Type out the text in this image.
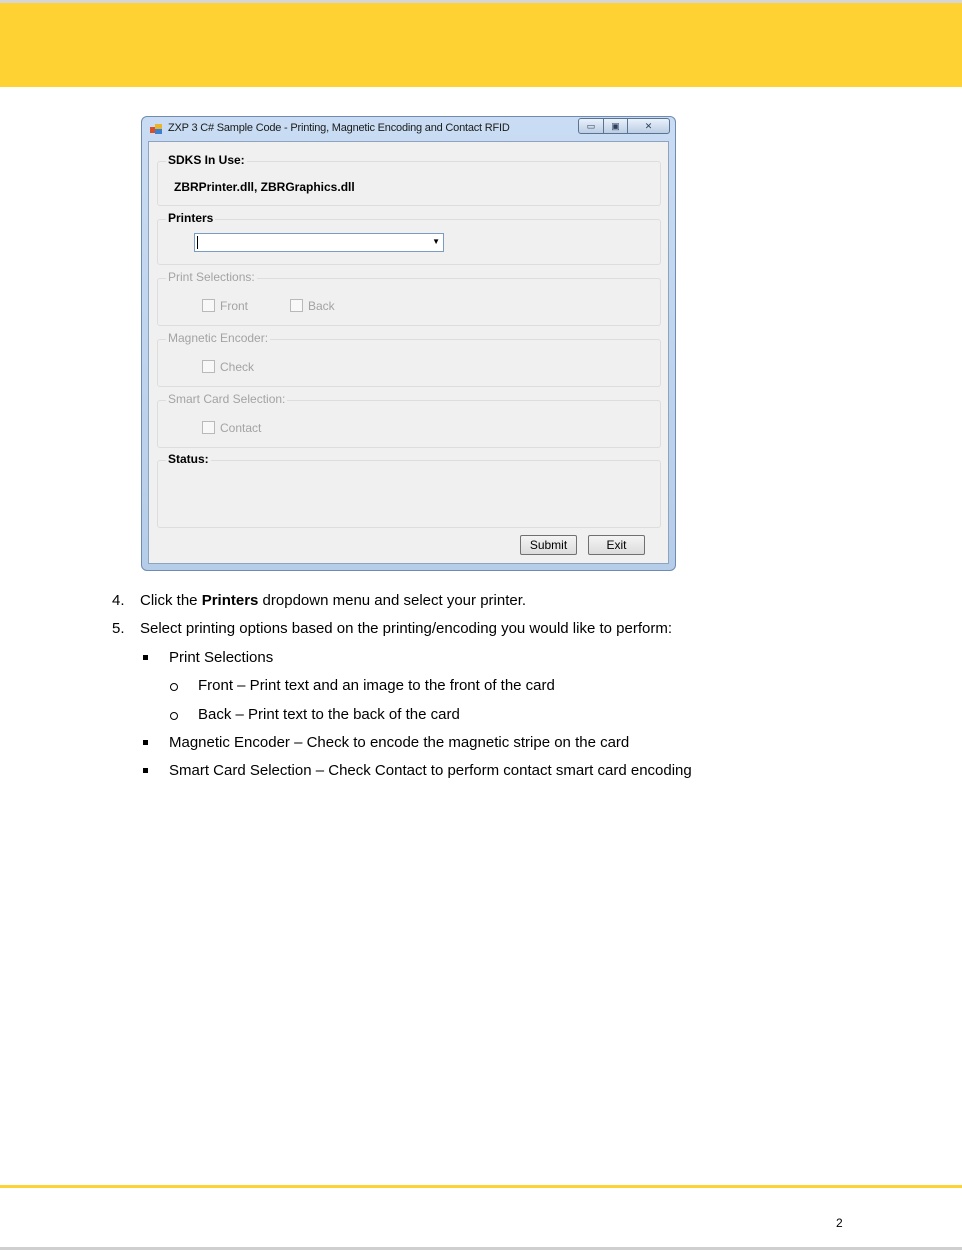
ZXP 3 C# Sample Code - Printing, Magnetic Encoding and Contact RFID	▭	▣	✕
SDKS In Use:
ZBRPrinter.dll, ZBRGraphics.dll
Printers
▼
Print Selections:
Front	Back
Magnetic Encoder:
Check
Smart Card Selection:
Contact
Status:
Submit	Exit
4. Click the Printers dropdown menu and select your printer.
5. Select printing options based on the printing/encoding you would like to perform:
Print Selections
Front – Print text and an image to the front of the card
Back – Print text to the back of the card
Magnetic Encoder – Check to encode the magnetic stripe on the card
Smart Card Selection – Check Contact to perform contact smart card encoding
2
